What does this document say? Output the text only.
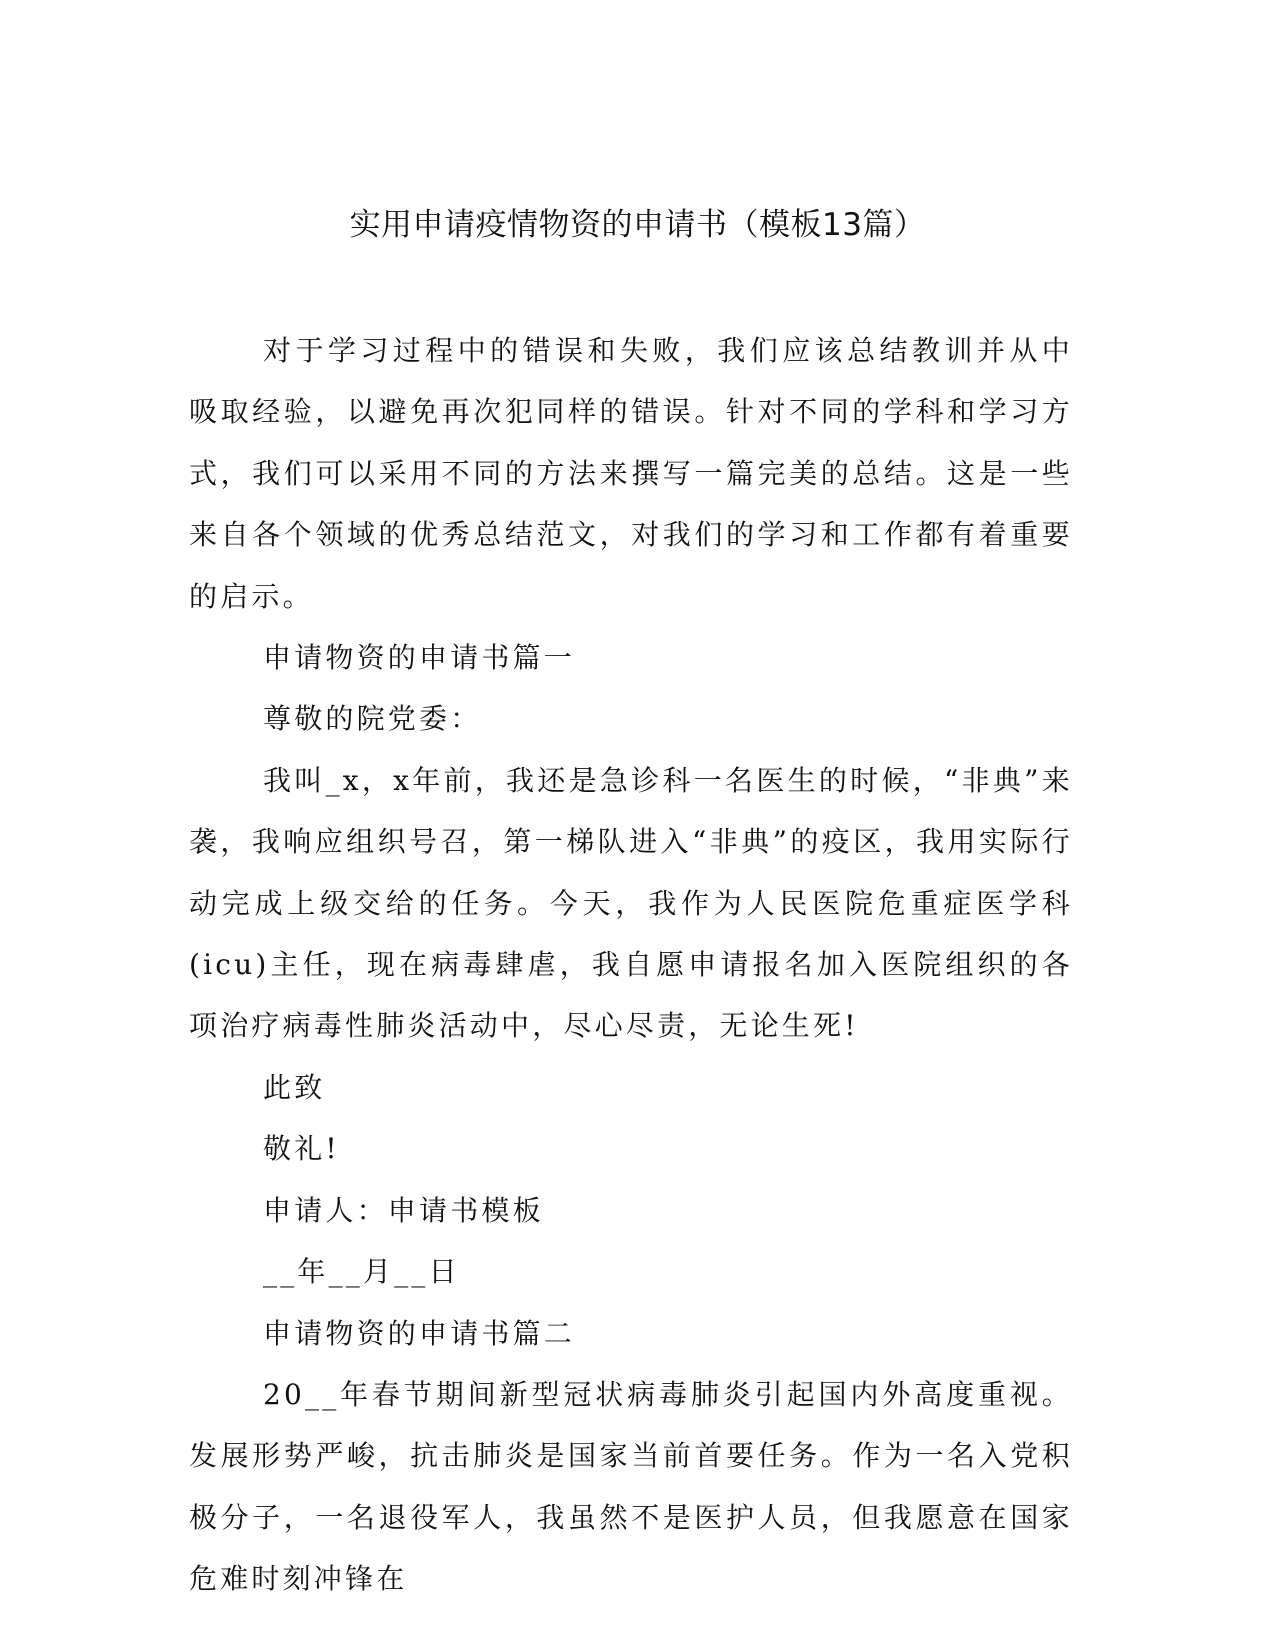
实用申请疫情物资的申请书（模板13篇）

对于学习过程中的错误和失败，我们应该总结教训并从中吸取经验，以避免再次犯同样的错误。针对不同的学科和学习方式，我们可以采用不同的方法来撰写一篇完美的总结。这是一些来自各个领域的优秀总结范文，对我们的学习和工作都有着重要的启示。

申请物资的申请书篇一

尊敬的院党委：

我叫_x，x年前，我还是急诊科一名医生的时候，“非典”来袭，我响应组织号召，第一梯队进入“非典”的疫区，我用实际行动完成上级交给的任务。今天，我作为人民医院危重症医学科(icu)主任，现在病毒肆虐，我自愿申请报名加入医院组织的各项治疗病毒性肺炎活动中，尽心尽责，无论生死!

此致

敬礼!

申请人：申请书模板

__年__月__日

申请物资的申请书篇二

20__年春节期间新型冠状病毒肺炎引起国内外高度重视。发展形势严峻，抗击肺炎是国家当前首要任务。作为一名入党积极分子，一名退役军人，我虽然不是医护人员，但我愿意在国家危难时刻冲锋在
